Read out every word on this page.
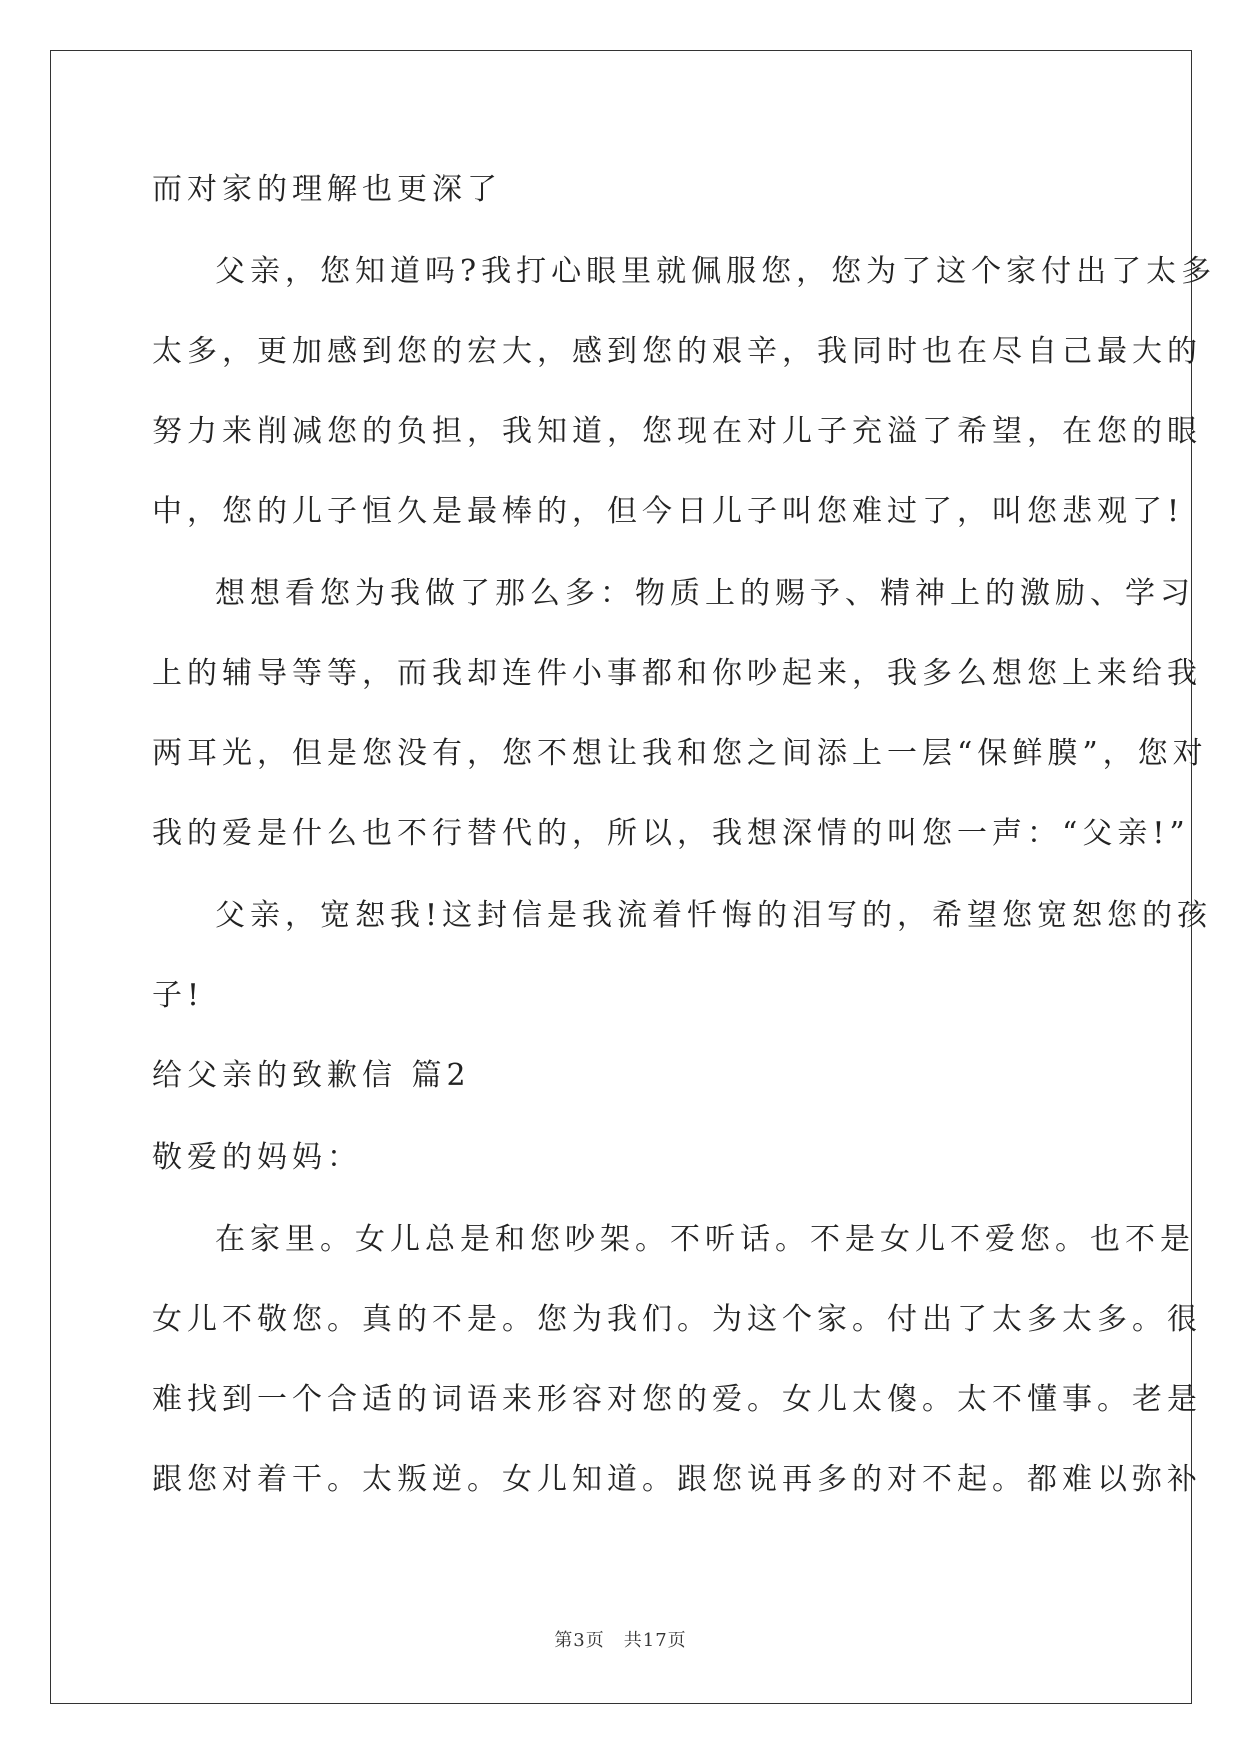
而对家的理解也更深了
父亲，您知道吗?我打心眼里就佩服您，您为了这个家付出了太多
太多，更加感到您的宏大，感到您的艰辛，我同时也在尽自己最大的
努力来削减您的负担，我知道，您现在对儿子充溢了希望，在您的眼
中，您的儿子恒久是最棒的，但今日儿子叫您难过了，叫您悲观了!
想想看您为我做了那么多：物质上的赐予、精神上的激励、学习
上的辅导等等，而我却连件小事都和你吵起来，我多么想您上来给我
两耳光，但是您没有，您不想让我和您之间添上一层“保鲜膜”，您对
我的爱是什么也不行替代的，所以，我想深情的叫您一声：“父亲!”
父亲，宽恕我!这封信是我流着忏悔的泪写的，希望您宽恕您的孩
子!
给父亲的致歉信 篇2
敬爱的妈妈：
在家里。女儿总是和您吵架。不听话。不是女儿不爱您。也不是
女儿不敬您。真的不是。您为我们。为这个家。付出了太多太多。很
难找到一个合适的词语来形容对您的爱。女儿太傻。太不懂事。老是
跟您对着干。太叛逆。女儿知道。跟您说再多的对不起。都难以弥补
第3页　共17页
